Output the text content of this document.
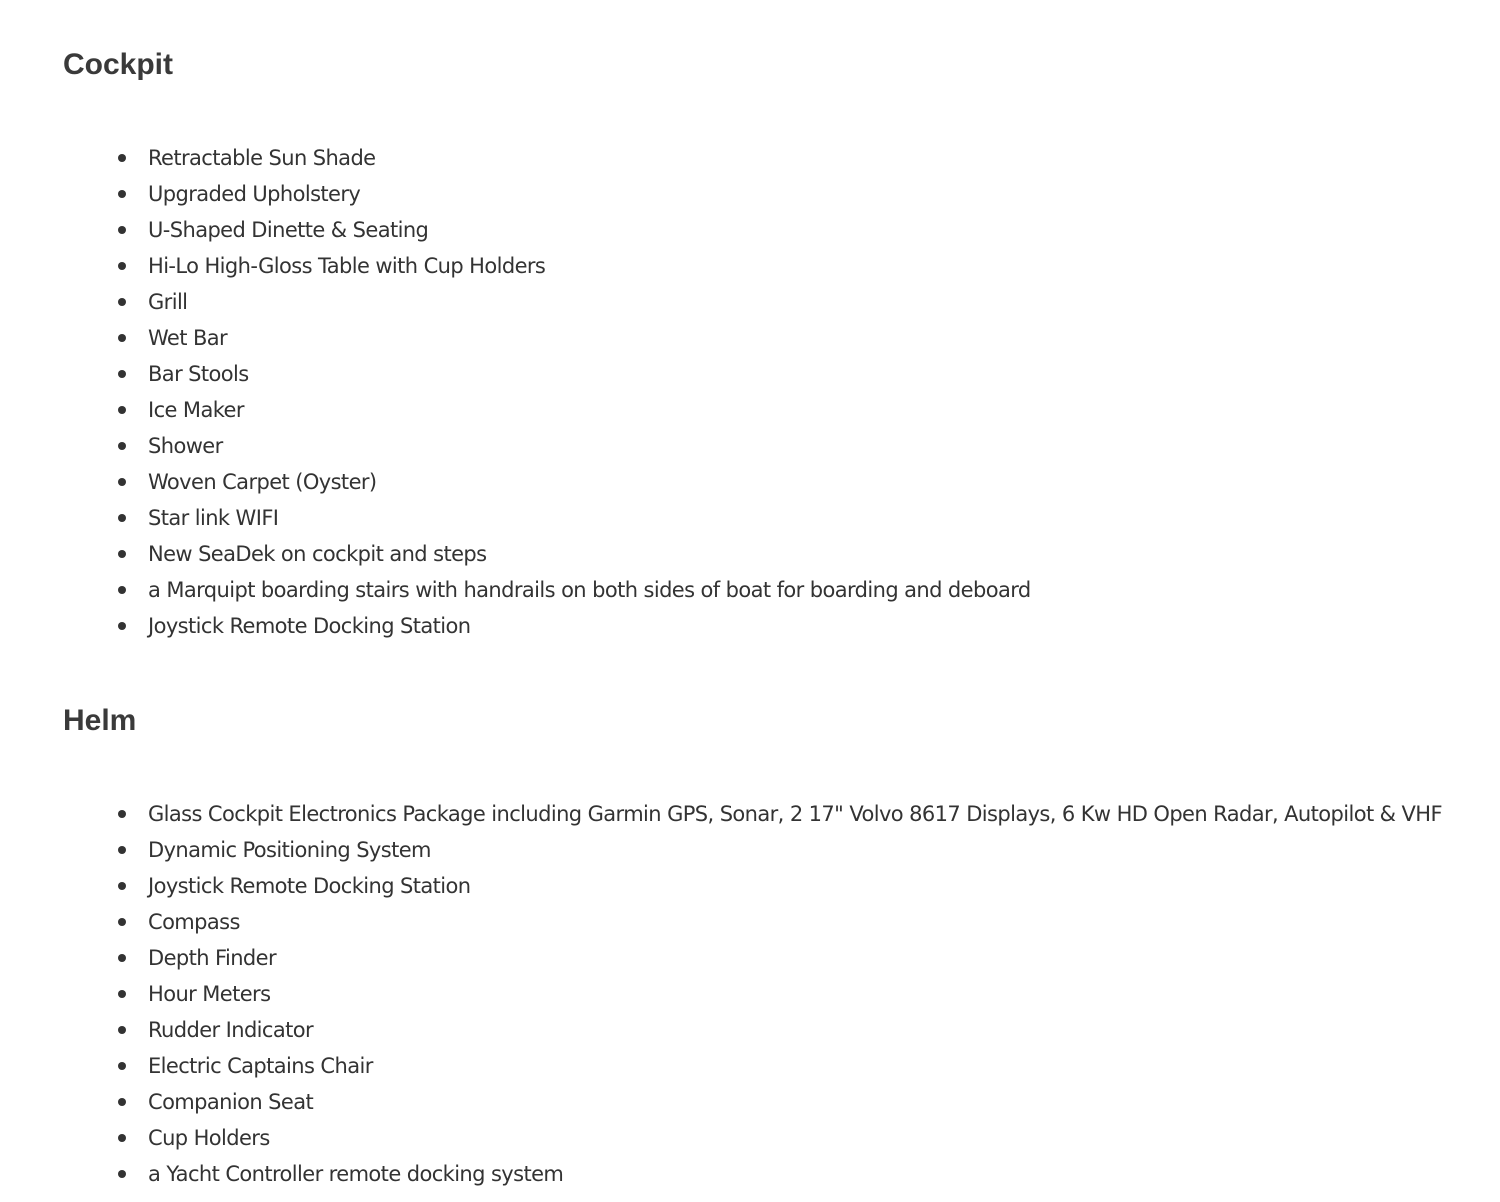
Cockpit
Retractable Sun Shade
Upgraded Upholstery
U-Shaped Dinette & Seating
Hi-Lo High-Gloss Table with Cup Holders
Grill
Wet Bar
Bar Stools
Ice Maker
Shower
Woven Carpet (Oyster)
Star link WIFI
New SeaDek on cockpit and steps
a Marquipt boarding stairs with handrails on both sides of boat for boarding and deboard
Joystick Remote Docking Station
Helm
Glass Cockpit Electronics Package including Garmin GPS, Sonar, 2 17" Volvo 8617 Displays, 6 Kw HD Open Radar, Autopilot & VHF
Dynamic Positioning System
Joystick Remote Docking Station
Compass
Depth Finder
Hour Meters
Rudder Indicator
Electric Captains Chair
Companion Seat
Cup Holders
a Yacht Controller remote docking system
